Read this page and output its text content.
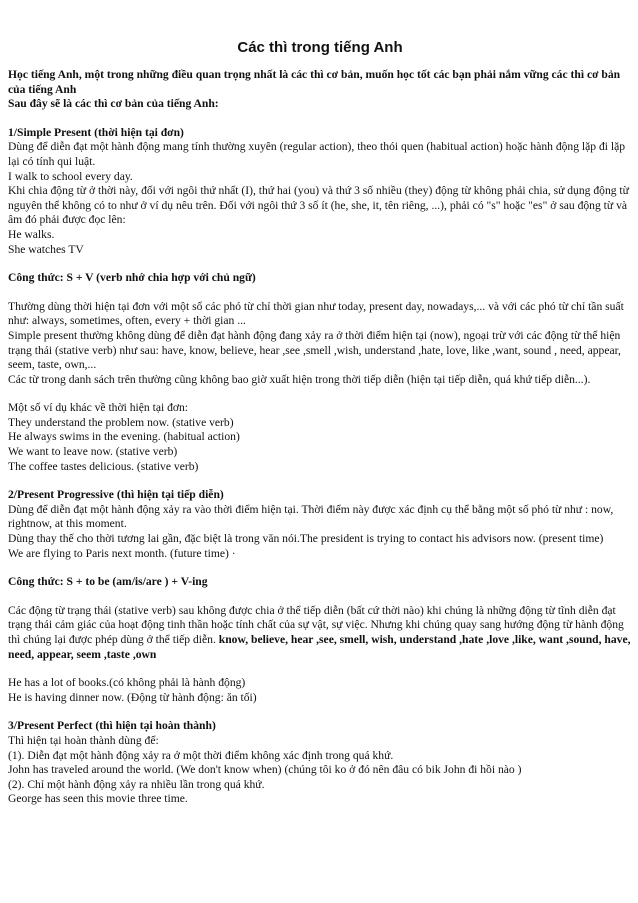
Các thì trong tiếng Anh

Học tiếng Anh, một trong những điều quan trọng nhất là các thì cơ bản, muốn học tốt các bạn phải nắm vững các thì cơ bản của tiếng Anh

Sau đây sẽ là các thì cơ bản của tiếng Anh:

1/Simple Present (thời hiện tại đơn)

Dùng để diễn đạt một hành động mang tính thường xuyên (regular action), theo thói quen (habitual action) hoặc hành động lặp đi lặp lại có tính qui luật.

I walk to school every day.

Khi chia động từ ở thời này, đối với ngôi thứ nhất (I), thứ hai (you) và thứ 3 số nhiều (they) động từ không phải chia, sử dụng động từ nguyên thể không có to như ở ví dụ nêu trên. Đối với ngôi thứ 3 số ít (he, she, it, tên riêng, ...), phải có "s" hoặc "es" ở sau động từ và âm đó phải được đọc lên:

He walks.

She watches TV

Công thức: S + V (verb nhớ chia hợp với chủ ngữ)

Thường dùng thời hiện tại đơn với một số các phó từ chỉ thời gian như today, present day, nowadays,... và với các phó từ chỉ tần suất như: always, sometimes, often, every + thời gian ...

Simple present thường không dùng để diễn đạt hành động đang xảy ra ở thời điểm hiện tại (now), ngoại trừ với các động từ thể hiện trạng thái (stative verb) như sau: have, know, believe, hear ,see ,smell ,wish, understand ,hate, love, like ,want, sound , need, appear, seem, taste, own,...

Các từ trong danh sách trên thường cũng không bao giờ xuất hiện trong thời tiếp diễn (hiện tại tiếp diễn, quá khứ tiếp diễn...).

Một số ví dụ khác về thời hiện tại đơn:

They understand the problem now. (stative verb)

He always swims in the evening. (habitual action)

We want to leave now. (stative verb)

The coffee tastes delicious. (stative verb)

2/Present Progressive (thì hiện tại tiếp diễn)

Dùng để diễn đạt một hành động xảy ra vào thời điểm hiện tại. Thời điểm này được xác định cụ thể bằng một số phó từ như : now, rightnow, at this moment.

Dùng thay thế cho thời tương lai gần, đặc biệt là trong văn nói.The president is trying to contact his advisors now. (present time)

We are flying to Paris next month. (future time) ·

Công thức: S + to be (am/is/are ) + V-ing

Các động từ trạng thái (stative verb) sau không được chia ở thể tiếp diễn (bất cứ thời nào) khi chúng là những động từ tĩnh diễn đạt trạng thái cảm giác của hoạt động tinh thần hoặc tính chất của sự vật, sự việc. Nhưng khi chúng quay sang hướng động từ hành động thì chúng lại được phép dùng ở thể tiếp diễn. know, believe, hear ,see, smell, wish, understand ,hate ,love ,like, want ,sound, have, need, appear, seem ,taste ,own

He has a lot of books.(có không phải là hành động)

He is having dinner now. (Động từ hành động: ăn tối)

3/Present Perfect (thì hiện tại hoàn thành)

Thì hiện tại hoàn thành dùng để:

(1). Diễn đạt một hành động xảy ra ở một thời điểm không xác định trong quá khứ.

John has traveled around the world. (We don't know when) (chúng tôi ko ở đó nên đâu có bik John đi hồi nào )

(2). Chỉ một hành động xảy ra nhiều lần trong quá khứ.

George has seen this movie three time.
